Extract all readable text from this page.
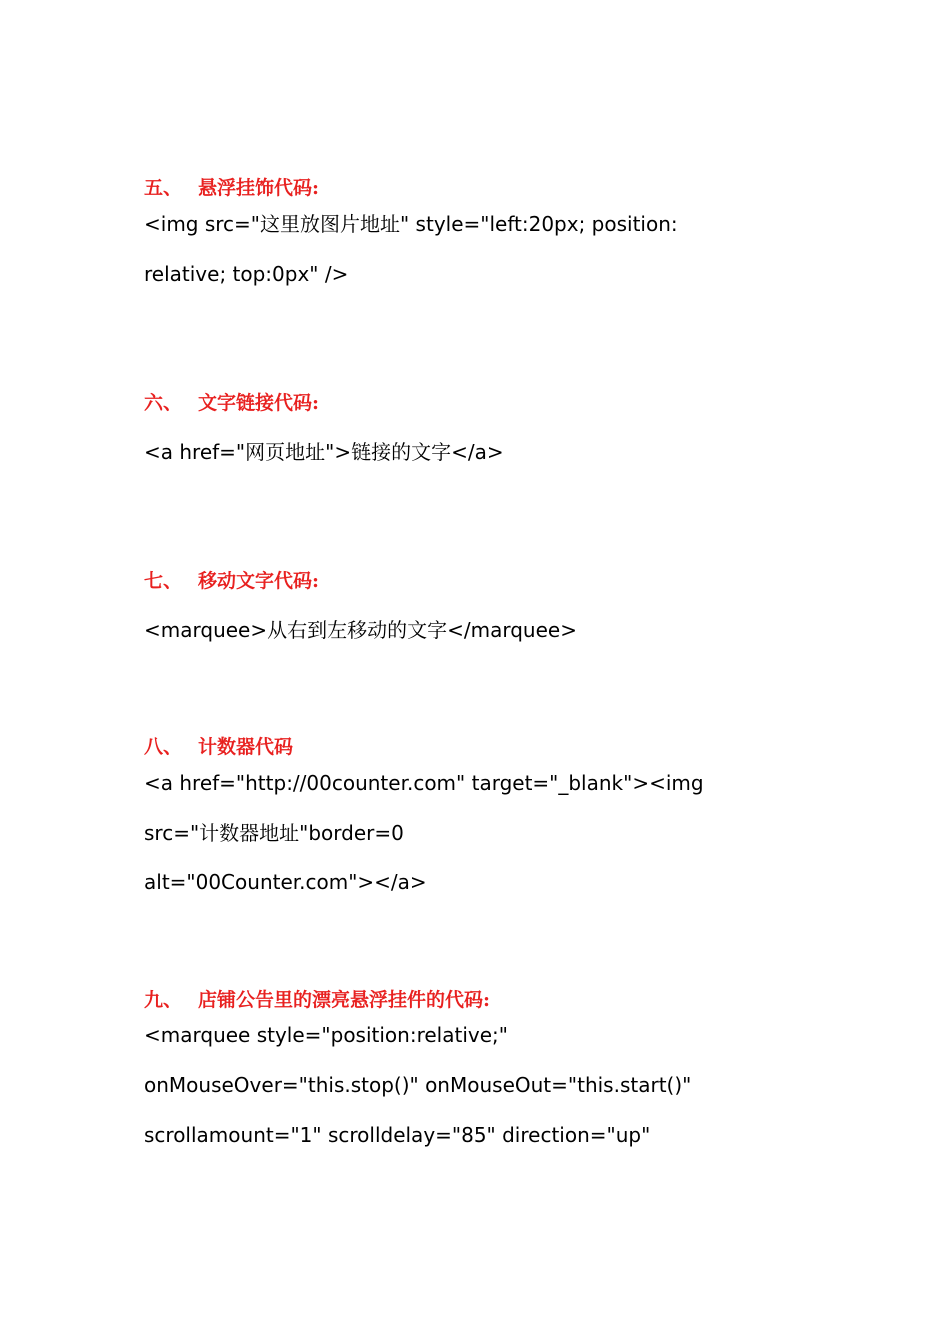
五、 悬浮挂饰代码:
<img src="这里放图片地址" style="left:20px; position:
relative; top:0px" />
六、 文字链接代码:
<a href="网页地址">链接的文字</a>
七、 移动文字代码:
<marquee>从右到左移动的文字</marquee>
八、 计数器代码
<a href="http://00counter.com" target="_blank"><img
src="计数器地址"border=0
alt="00Counter.com"></a>
九、 店铺公告里的漂亮悬浮挂件的代码:
<marquee style="position:relative;"
onMouseOver="this.stop()" onMouseOut="this.start()"
scrollamount="1" scrolldelay="85" direction="up"
